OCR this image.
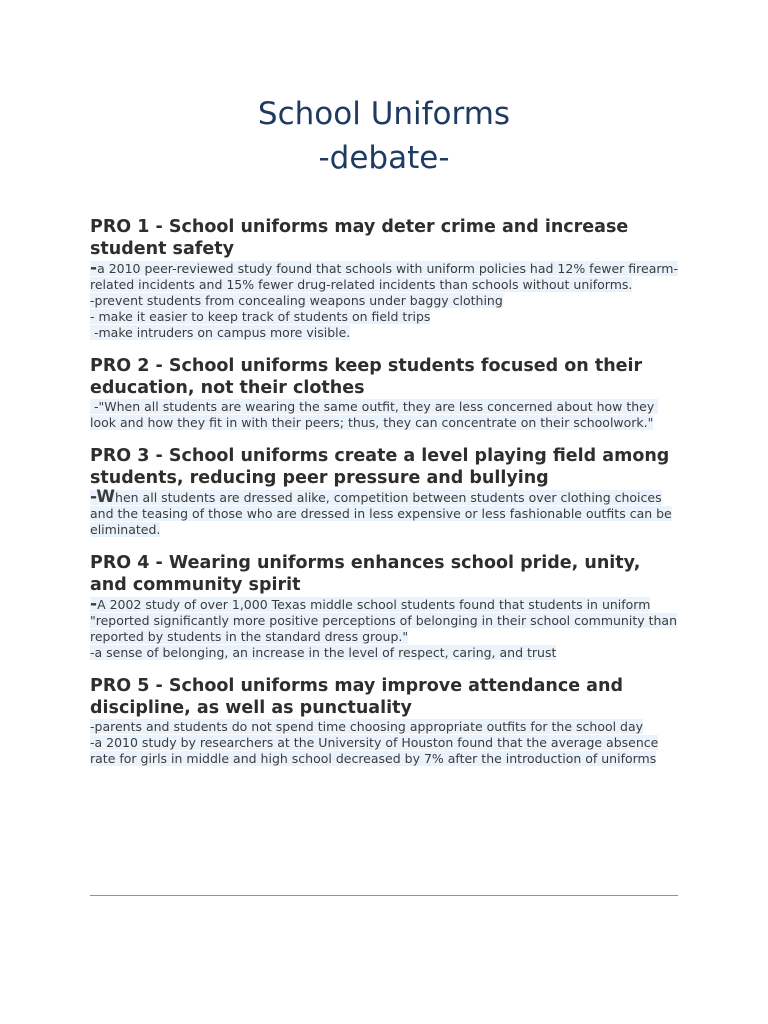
School Uniforms
-debate-
PRO 1 - School uniforms may deter crime and increase student safety
-a 2010 peer-reviewed study found that schools with uniform policies had 12% fewer firearm-related incidents and 15% fewer drug-related incidents than schools without uniforms.
-prevent students from concealing weapons under baggy clothing
- make it easier to keep track of students on field trips
-make intruders on campus more visible.
PRO 2 - School uniforms keep students focused on their education, not their clothes
-"When all students are wearing the same outfit, they are less concerned about how they look and how they fit in with their peers; thus, they can concentrate on their schoolwork."
PRO 3 - School uniforms create a level playing field among students, reducing peer pressure and bullying
-When all students are dressed alike, competition between students over clothing choices and the teasing of those who are dressed in less expensive or less fashionable outfits can be eliminated.
PRO 4 - Wearing uniforms enhances school pride, unity, and community spirit
-A 2002 study of over 1,000 Texas middle school students found that students in uniform "reported significantly more positive perceptions of belonging in their school community than reported by students in the standard dress group."
-a sense of belonging, an increase in the level of respect, caring, and trust
PRO 5 - School uniforms may improve attendance and discipline, as well as punctuality
-parents and students do not spend time choosing appropriate outfits for the school day
-a 2010 study by researchers at the University of Houston found that the average absence rate for girls in middle and high school decreased by 7% after the introduction of uniforms
